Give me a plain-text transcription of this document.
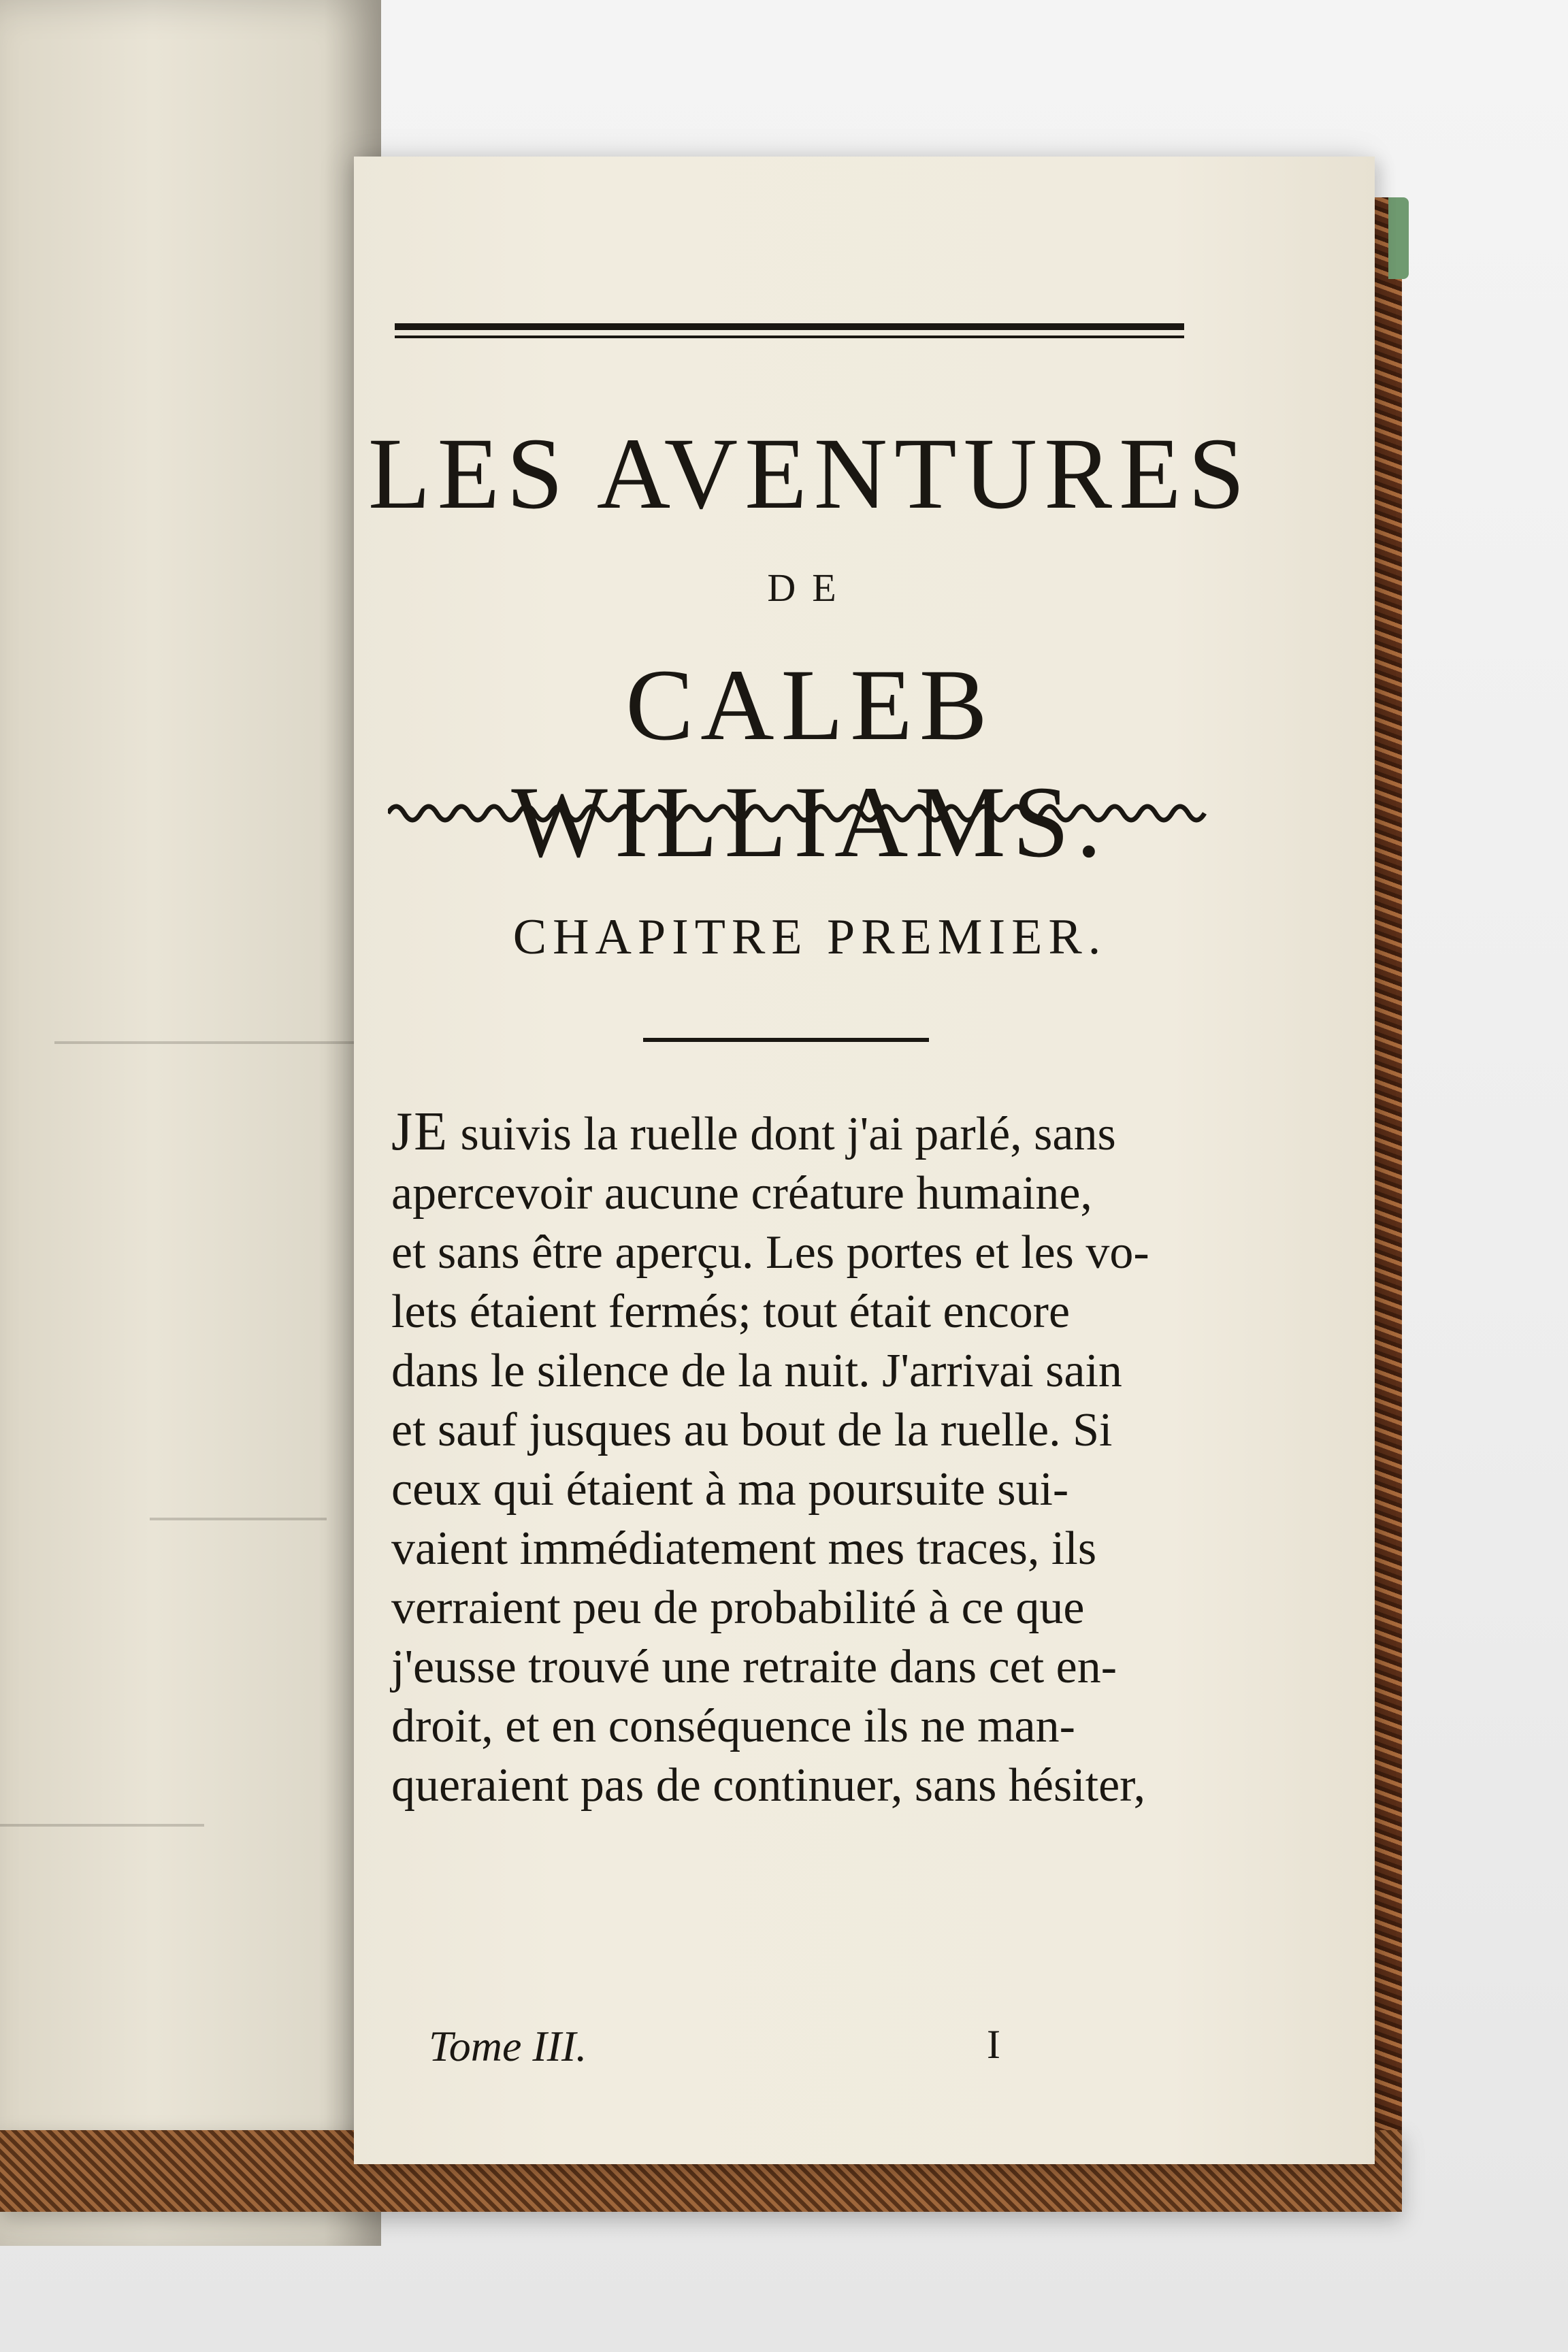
LES AVENTURES
DE
CALEB WILLIAMS.
CHAPITRE PREMIER.
JE suivis la ruelle dont j'ai parlé, sans
apercevoir aucune créature humaine,
et sans être aperçu. Les portes et les vo-
lets étaient fermés; tout était encore
dans le silence de la nuit. J'arrivai sain
et sauf jusques au bout de la ruelle. Si
ceux qui étaient à ma poursuite sui-
vaient immédiatement mes traces, ils
verraient peu de probabilité à ce que
j'eusse trouvé une retraite dans cet en-
droit, et en conséquence ils ne man-
queraient pas de continuer, sans hésiter,
Tome III.	I
